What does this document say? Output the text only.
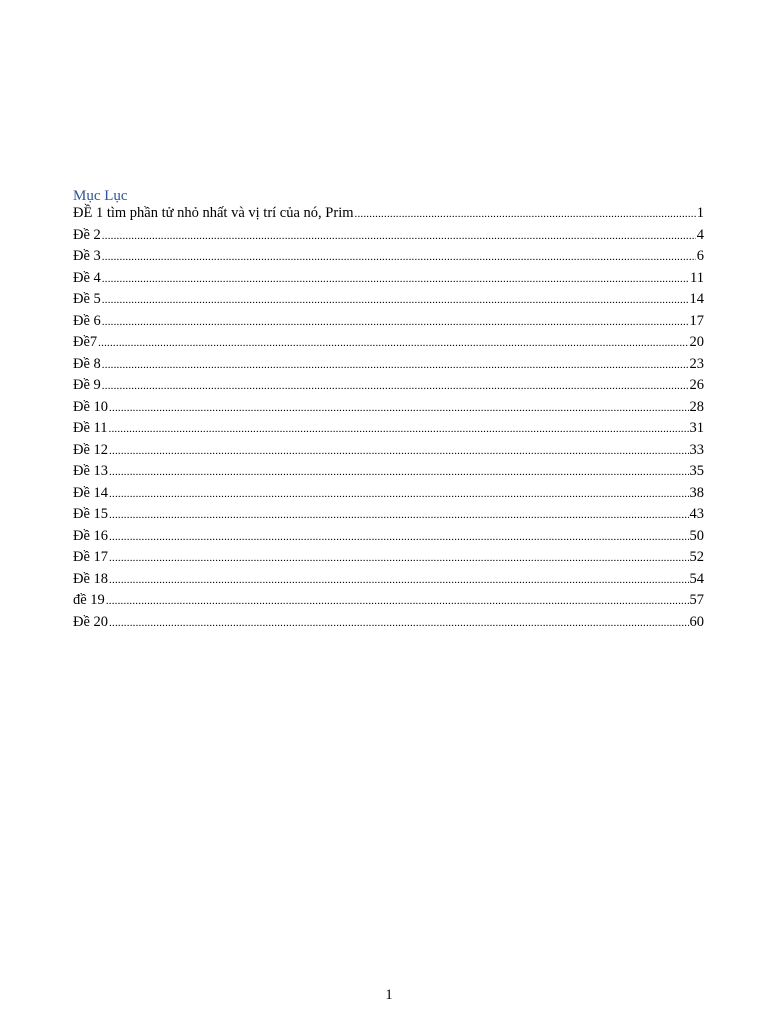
Mục Lục
ĐỀ 1 tìm phần tử nhỏ nhất và vị trí của nó, Prim .....	1
Đề 2 .....	4
Đề 3 .....	6
Đề 4 .....	11
Đề 5 .....	14
Đề 6 .....	17
Đề7 .....	20
Đề 8 .....	23
Đề 9 .....	26
Đề 10 .....	28
Đề 11 .....	31
Đề 12 .....	33
Đề 13 .....	35
Đề 14 .....	38
Đề 15 .....	43
Đề 16 .....	50
Đề 17 .....	52
Đề 18 .....	54
đề 19 .....	57
Đề 20 .....	60
1
